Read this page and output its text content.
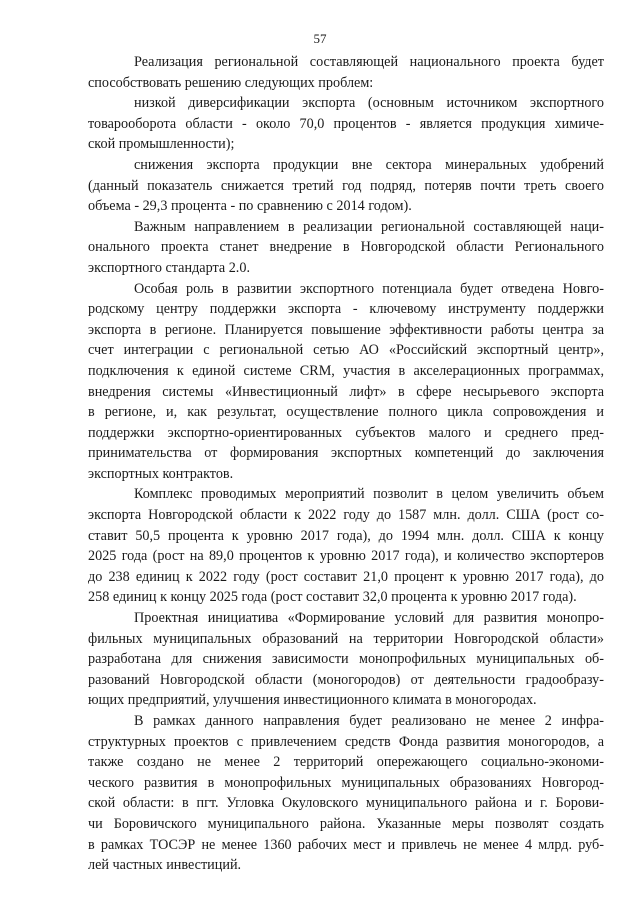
57
Реализация региональной составляющей национального проекта будет
способствовать решению следующих проблем:
низкой диверсификации экспорта (основным источником экспортного
товарооборота области - около 70,0 процентов - является продукция химиче-
ской промышленности);
снижения экспорта продукции вне сектора минеральных удобрений
(данный показатель снижается третий год подряд, потеряв почти треть своего
объема - 29,3 процента - по сравнению с 2014 годом).
Важным направлением в реализации региональной составляющей наци-
онального проекта станет внедрение в Новгородской области Регионального
экспортного стандарта 2.0.
Особая роль в развитии экспортного потенциала будет отведена Новго-
родскому центру поддержки экспорта - ключевому инструменту поддержки
экспорта в регионе. Планируется повышение эффективности работы центра за
счет интеграции с региональной сетью АО «Российский экспортный центр»,
подключения к единой системе CRM, участия в акселерационных программах,
внедрения системы «Инвестиционный лифт» в сфере несырьевого экспорта
в регионе, и, как результат, осуществление полного цикла сопровождения и
поддержки экспортно-ориентированных субъектов малого и среднего пред-
принимательства от формирования экспортных компетенций до заключения
экспортных контрактов.
Комплекс проводимых мероприятий позволит в целом увеличить объем
экспорта Новгородской области к 2022 году до 1587 млн. долл. США (рост со-
ставит 50,5 процента к уровню 2017 года), до 1994 млн. долл. США к концу
2025 года (рост на 89,0 процентов к уровню 2017 года), и количество экспортеров
до 238 единиц к 2022 году (рост составит 21,0 процент к уровню 2017 года), до
258 единиц к концу 2025 года (рост составит 32,0 процента к уровню 2017 года).
Проектная инициатива «Формирование условий для развития монопро-
фильных муниципальных образований на территории Новгородской области»
разработана для снижения зависимости монопрофильных муниципальных об-
разований Новгородской области (моногородов) от деятельности градообразу-
ющих предприятий, улучшения инвестиционного климата в моногородах.
В рамках данного направления будет реализовано не менее 2 инфра-
структурных проектов с привлечением средств Фонда развития моногородов, а
также создано не менее 2 территорий опережающего социально-экономи-
ческого развития в монопрофильных муниципальных образованиях Новгород-
ской области: в пгт. Угловка Окуловского муниципального района и г. Борови-
чи Боровичского муниципального района. Указанные меры позволят создать
в рамках ТОСЭР не менее 1360 рабочих мест и привлечь не менее 4 млрд. руб-
лей частных инвестиций.
